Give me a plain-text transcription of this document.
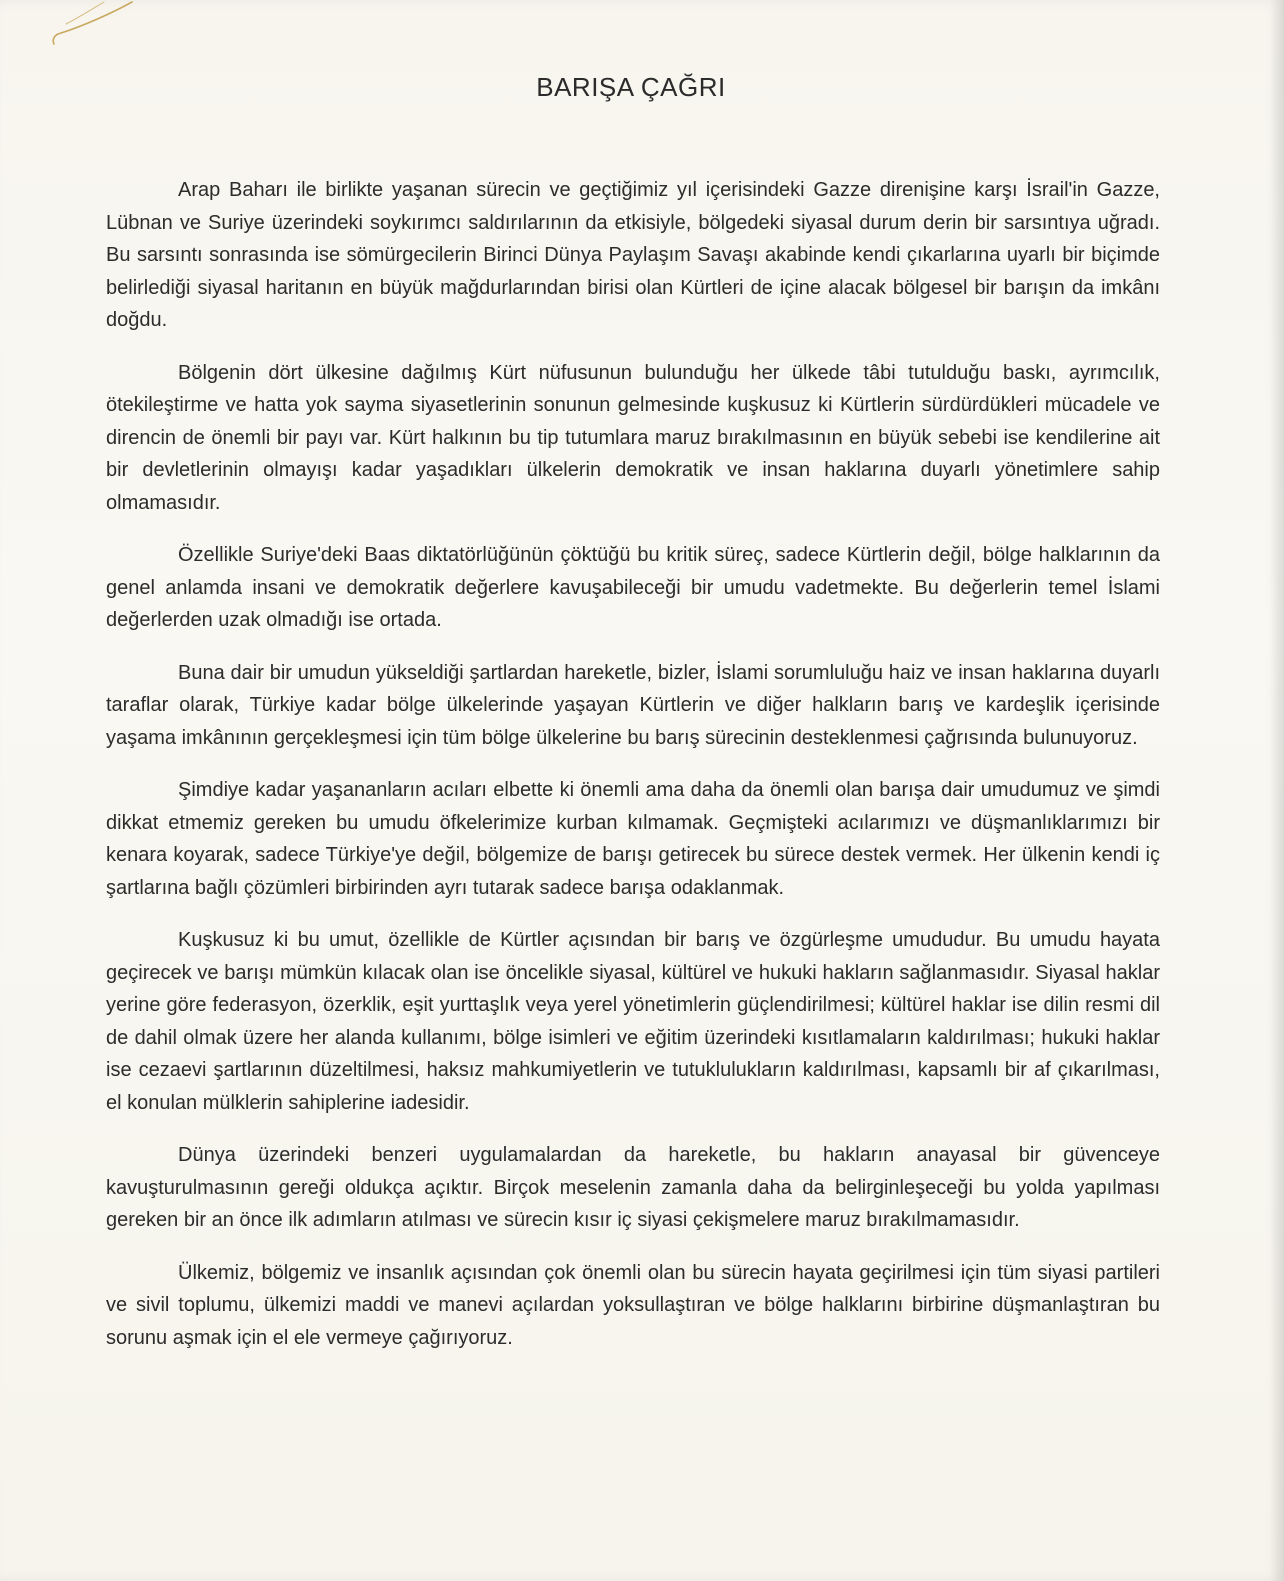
BARIŞA ÇAĞRI

Arap Baharı ile birlikte yaşanan sürecin ve geçtiğimiz yıl içerisindeki Gazze direnişine karşı İsrail'in Gazze, Lübnan ve Suriye üzerindeki soykırımcı saldırılarının da etkisiyle, bölgedeki siyasal durum derin bir sarsıntıya uğradı. Bu sarsıntı sonrasında ise sömürgecilerin Birinci Dünya Paylaşım Savaşı akabinde kendi çıkarlarına uyarlı bir biçimde belirlediği siyasal haritanın en büyük mağdurlarından birisi olan Kürtleri de içine alacak bölgesel bir barışın da imkânı doğdu.

Bölgenin dört ülkesine dağılmış Kürt nüfusunun bulunduğu her ülkede tâbi tutulduğu baskı, ayrımcılık, ötekileştirme ve hatta yok sayma siyasetlerinin sonunun gelmesinde kuşkusuz ki Kürtlerin sürdürdükleri mücadele ve direncin de önemli bir payı var. Kürt halkının bu tip tutumlara maruz bırakılmasının en büyük sebebi ise kendilerine ait bir devletlerinin olmayışı kadar yaşadıkları ülkelerin demokratik ve insan haklarına duyarlı yönetimlere sahip olmamasıdır.

Özellikle Suriye'deki Baas diktatörlüğünün çöktüğü bu kritik süreç, sadece Kürtlerin değil, bölge halklarının da genel anlamda insani ve demokratik değerlere kavuşabileceği bir umudu vadetmekte. Bu değerlerin temel İslami değerlerden uzak olmadığı ise ortada.

Buna dair bir umudun yükseldiği şartlardan hareketle, bizler, İslami sorumluluğu haiz ve insan haklarına duyarlı taraflar olarak, Türkiye kadar bölge ülkelerinde yaşayan Kürtlerin ve diğer halkların barış ve kardeşlik içerisinde yaşama imkânının gerçekleşmesi için tüm bölge ülkelerine bu barış sürecinin desteklenmesi çağrısında bulunuyoruz.

Şimdiye kadar yaşananların acıları elbette ki önemli ama daha da önemli olan barışa dair umudumuz ve şimdi dikkat etmemiz gereken bu umudu öfkelerimize kurban kılmamak. Geçmişteki acılarımızı ve düşmanlıklarımızı bir kenara koyarak, sadece Türkiye'ye değil, bölgemize de barışı getirecek bu sürece destek vermek. Her ülkenin kendi iç şartlarına bağlı çözümleri birbirinden ayrı tutarak sadece barışa odaklanmak.

Kuşkusuz ki bu umut, özellikle de Kürtler açısından bir barış ve özgürleşme umududur. Bu umudu hayata geçirecek ve barışı mümkün kılacak olan ise öncelikle siyasal, kültürel ve hukuki hakların sağlanmasıdır. Siyasal haklar yerine göre federasyon, özerklik, eşit yurttaşlık veya yerel yönetimlerin güçlendirilmesi; kültürel haklar ise dilin resmi dil de dahil olmak üzere her alanda kullanımı, bölge isimleri ve eğitim üzerindeki kısıtlamaların kaldırılması; hukuki haklar ise cezaevi şartlarının düzeltilmesi, haksız mahkumiyetlerin ve tutuklulukların kaldırılması, kapsamlı bir af çıkarılması, el konulan mülklerin sahiplerine iadesidir.

Dünya üzerindeki benzeri uygulamalardan da hareketle, bu hakların anayasal bir güvenceye kavuşturulmasının gereği oldukça açıktır. Birçok meselenin zamanla daha da belirginleşeceği bu yolda yapılması gereken bir an önce ilk adımların atılması ve sürecin kısır iç siyasi çekişmelere maruz bırakılmamasıdır.

Ülkemiz, bölgemiz ve insanlık açısından çok önemli olan bu sürecin hayata geçirilmesi için tüm siyasi partileri ve sivil toplumu, ülkemizi maddi ve manevi açılardan yoksullaştıran ve bölge halklarını birbirine düşmanlaştıran bu sorunu aşmak için el ele vermeye çağırıyoruz.
